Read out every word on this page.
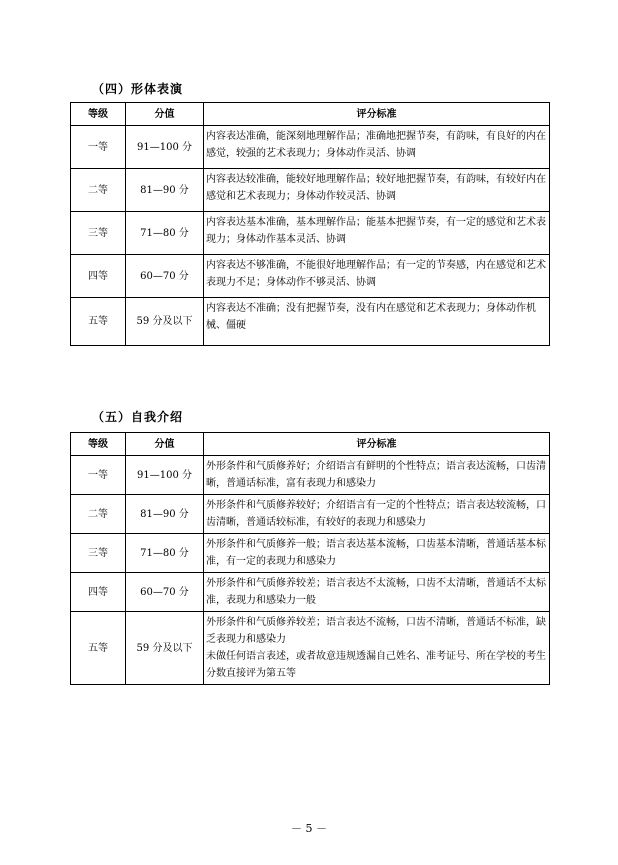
（四）形体表演
等级	分值	评分标准
一等	91—100 分	内容表达准确，能深刻地理解作品；准确地把握节奏，有韵味，有良好的内在感觉，较强的艺术表现力；身体动作灵活、协调

二等	81—90 分	内容表达较准确，能较好地理解作品；较好地把握节奏，有韵味，有较好内在感觉和艺术表现力；身体动作较灵活、协调

三等	71—80 分	内容表达基本准确，基本理解作品；能基本把握节奏，有一定的感觉和艺术表现力；身体动作基本灵活、协调

四等	60—70 分	内容表达不够准确，不能很好地理解作品；有一定的节奏感，内在感觉和艺术表现力不足；身体动作不够灵活、协调

五等	59 分及以下	内容表达不准确；没有把握节奏，没有内在感觉和艺术表现力；身体动作机械、僵硬
（五）自我介绍
等级	分值	评分标准
一等	91—100 分	外形条件和气质修养好；介绍语言有鲜明的个性特点；语言表达流畅，口齿清晰，普通话标准，富有表现力和感染力

二等	81—90 分	外形条件和气质修养较好；介绍语言有一定的个性特点；语言表达较流畅，口齿清晰，普通话较标准，有较好的表现力和感染力

三等	71—80 分	外形条件和气质修养一般；语言表达基本流畅，口齿基本清晰，普通话基本标准，有一定的表现力和感染力

四等	60—70 分	外形条件和气质修养较差；语言表达不太流畅，口齿不太清晰，普通话不太标准，表现力和感染力一般

五等	59 分及以下	外形条件和气质修养较差；语言表达不流畅，口齿不清晰，普通话不标准，缺乏表现力和感染力
未做任何语言表述，或者故意违规透漏自己姓名、准考证号、所在学校的考生分数直接评为第五等
－ 5 －
